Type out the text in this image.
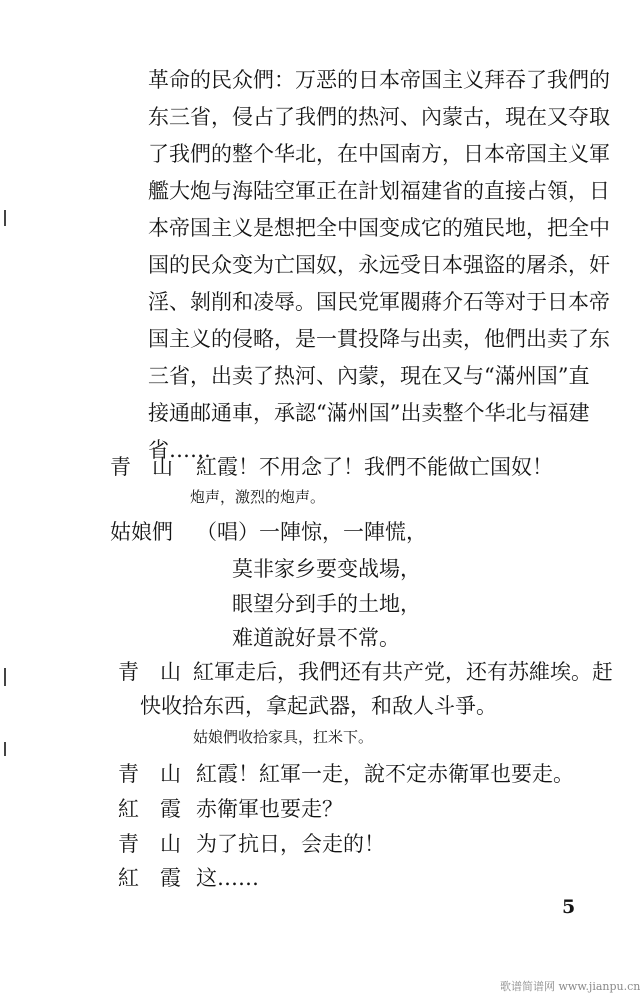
革命的民众們：万恶的日本帝国主义拜吞了我們的
东三省，侵占了我們的热河、內蒙古，現在又夺取
了我們的整个华北，在中国南方，日本帝国主义軍
艦大炮与海陆空軍正在計划福建省的直接占領，日
本帝国主义是想把全中国变成它的殖民地，把全中
国的民众变为亡国奴，永远受日本强盜的屠杀，奸
淫、剝削和凌辱。国民党軍閥蔣介石等对于日本帝
国主义的侵略，是一貫投降与出卖，他們出卖了东
三省，出卖了热河、內蒙，現在又与“滿州国”直
接通邮通車，承認“滿州国”出卖整个华北与福建
省……
青　山 紅霞！不用念了！我們不能做亡国奴！
炮声，激烈的炮声。
姑娘們 （唱）一陣惊，一陣慌，
莫非家乡要变战場，
眼望分到手的土地，
难道說好景不常。
青　山 紅軍走后，我們还有共产党，还有苏維埃。赶
快收拾东西，拿起武器，和敌人斗爭。
姑娘們收拾家具，扛米下。
青　山 紅霞！紅軍一走，說不定赤衛軍也要走。
紅　霞 赤衛軍也要走？
青　山 为了抗日，会走的！
紅　霞 这……
5
歌谱简谱网 www.jianpu.cn
